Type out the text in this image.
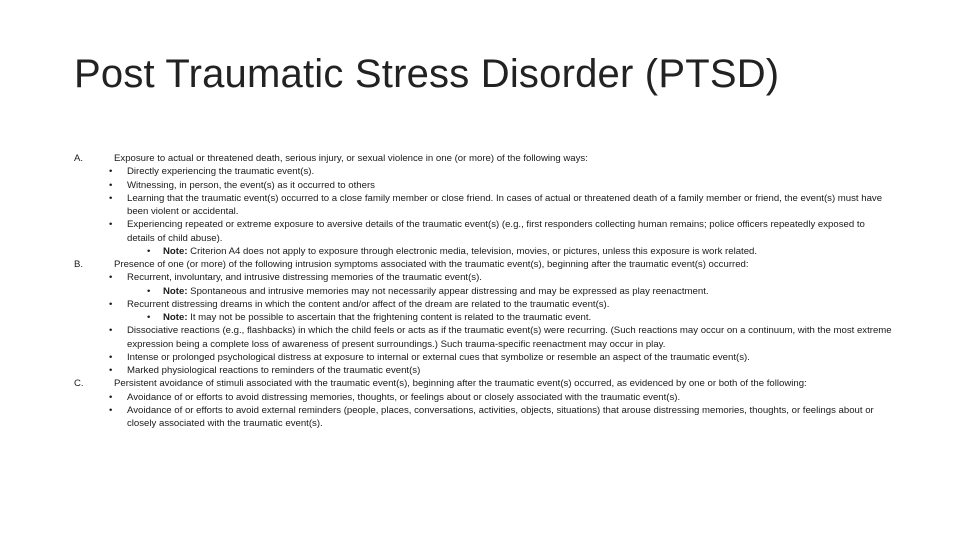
Post Traumatic Stress Disorder (PTSD)
A.	Exposure to actual or threatened death, serious injury, or sexual violence in one (or more) of the following ways:
• Directly experiencing the traumatic event(s).
• Witnessing, in person, the event(s) as it occurred to others
• Learning that the traumatic event(s) occurred to a close family member or close friend. In cases of actual or threatened death of a family member or friend, the event(s) must have been violent or accidental.
• Experiencing repeated or extreme exposure to aversive details of the traumatic event(s) (e.g., first responders collecting human remains; police officers repeatedly exposed to details of child abuse).
• Note: Criterion A4 does not apply to exposure through electronic media, television, movies, or pictures, unless this exposure is work related.
B.	Presence of one (or more) of the following intrusion symptoms associated with the traumatic event(s), beginning after the traumatic event(s) occurred:
• Recurrent, involuntary, and intrusive distressing memories of the traumatic event(s).
• Note: Spontaneous and intrusive memories may not necessarily appear distressing and may be expressed as play reenactment.
• Recurrent distressing dreams in which the content and/or affect of the dream are related to the traumatic event(s).
• Note: It may not be possible to ascertain that the frightening content is related to the traumatic event.
• Dissociative reactions (e.g., flashbacks) in which the child feels or acts as if the traumatic event(s) were recurring. (Such reactions may occur on a continuum, with the most extreme expression being a complete loss of awareness of present surroundings.) Such trauma-specific reenactment may occur in play.
• Intense or prolonged psychological distress at exposure to internal or external cues that symbolize or resemble an aspect of the traumatic event(s).
• Marked physiological reactions to reminders of the traumatic event(s)
C.	Persistent avoidance of stimuli associated with the traumatic event(s), beginning after the traumatic event(s) occurred, as evidenced by one or both of the following:
• Avoidance of or efforts to avoid distressing memories, thoughts, or feelings about or closely associated with the traumatic event(s).
• Avoidance of or efforts to avoid external reminders (people, places, conversations, activities, objects, situations) that arouse distressing memories, thoughts, or feelings about or closely associated with the traumatic event(s).
